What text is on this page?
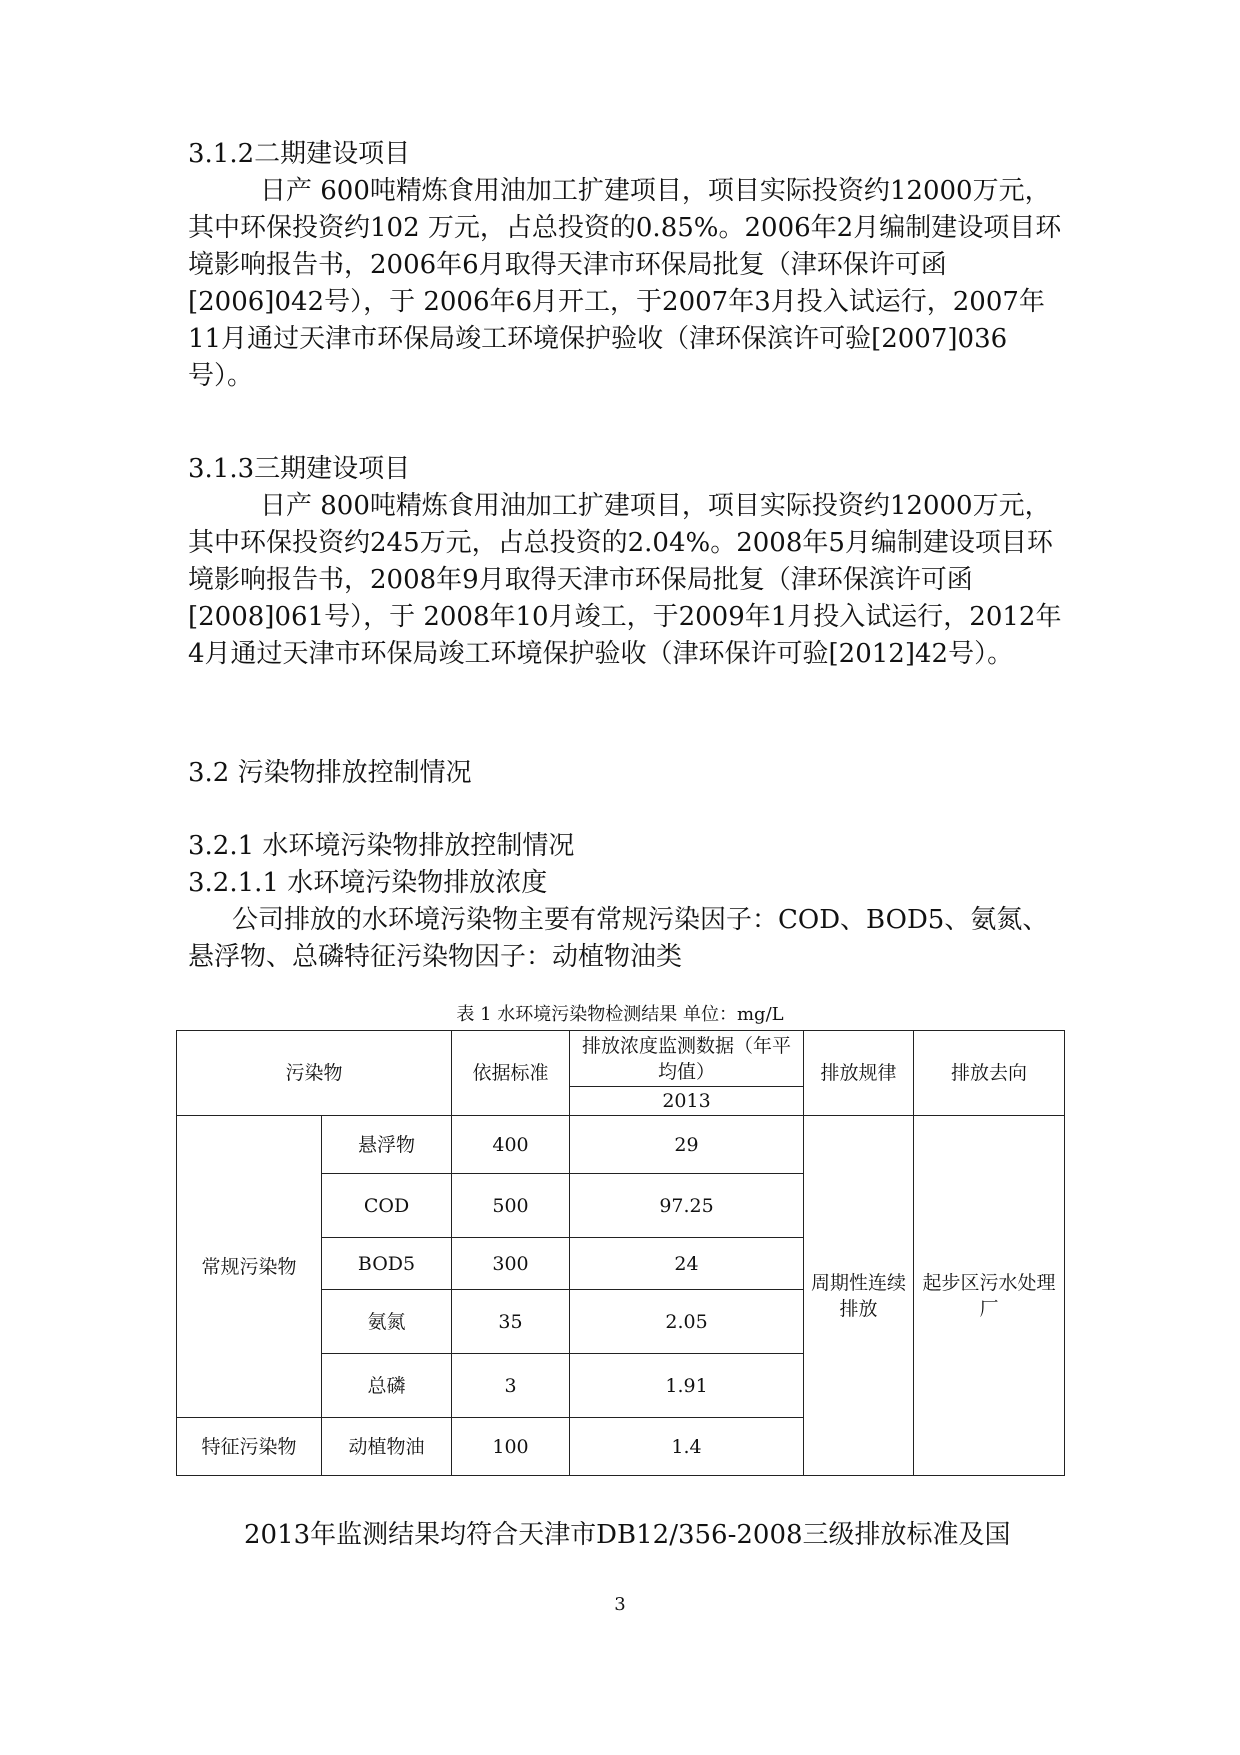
3.1.2二期建设项目

日产 600吨精炼食用油加工扩建项目，项目实际投资约12000万元，其中环保投资约102 万元，占总投资的0.85%。2006年2月编制建设项目环境影响报告书，2006年6月取得天津市环保局批复（津环保许可函[2006]042号），于 2006年6月开工，于2007年3月投入试运行，2007年11月通过天津市环保局竣工环境保护验收（津环保滨许可验[2007]036号）。

3.1.3三期建设项目

日产 800吨精炼食用油加工扩建项目，项目实际投资约12000万元，其中环保投资约245万元，占总投资的2.04%。2008年5月编制建设项目环境影响报告书，2008年9月取得天津市环保局批复（津环保滨许可函[2008]061号），于 2008年10月竣工，于2009年1月投入试运行，2012年4月通过天津市环保局竣工环境保护验收（津环保许可验[2012]42号）。

3.2 污染物排放控制情况

3.2.1 水环境污染物排放控制情况

3.2.1.1 水环境污染物排放浓度

公司排放的水环境污染物主要有常规污染因子：COD、BOD5、氨氮、悬浮物、总磷特征污染物因子：动植物油类

表 1 水环境污染物检测结果 单位：mg/L
污染物		依据标准	排放浓度监测数据（年平均值）	排放规律	排放去向
			2013		
常规污染物	悬浮物	400	29	周期性连续排放	起步区污水处理厂
	COD	500	97.25		
	BOD5	300	24		
	氨氮	35	2.05		
	总磷	3	1.91		
特征污染物	动植物油	100	1.4		

2013年监测结果均符合天津市DB12/356-2008三级排放标准及国

3
